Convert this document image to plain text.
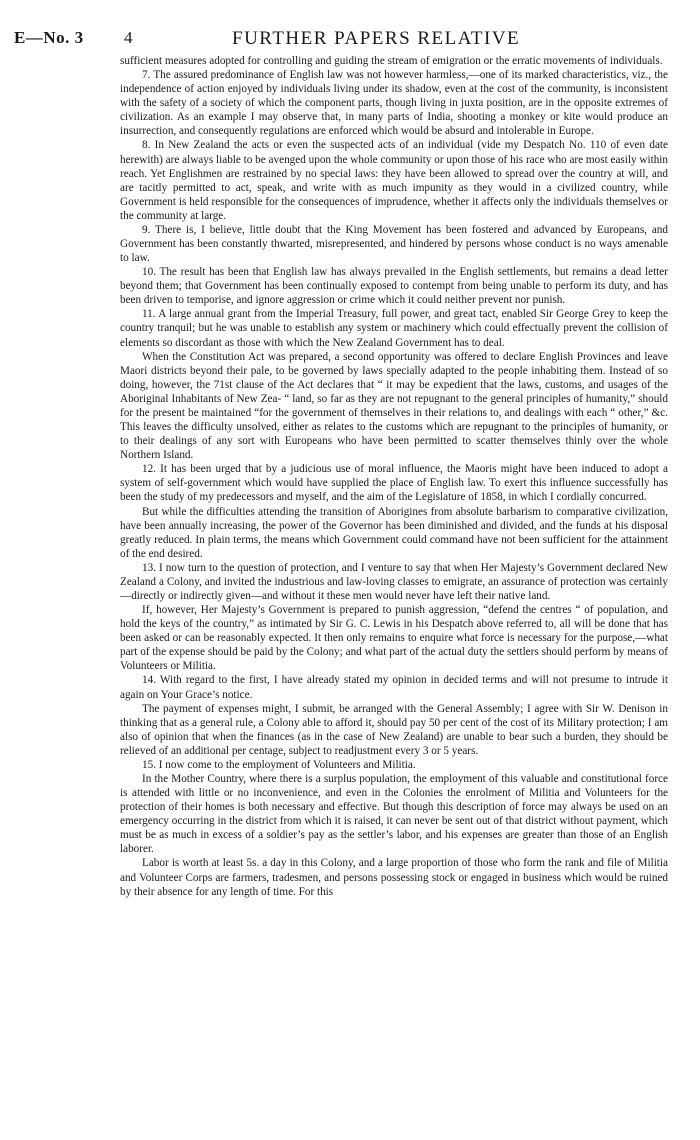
E—No. 3 4	FURTHER PAPERS RELATIVE

sufficient measures adopted for controlling and guiding the stream of emigration or the erratic movements of individuals.

7. The assured predominance of English law was not however harmless,—one of its marked characteristics, viz., the independence of action enjoyed by individuals living under its shadow, even at the cost of the community, is inconsistent with the safety of a society of which the component parts, though living in juxta position, are in the opposite extremes of civilization. As an example I may observe that, in many parts of India, shooting a monkey or kite would produce an insurrection, and consequently regulations are enforced which would be absurd and intolerable in Europe.

8. In New Zealand the acts or even the suspected acts of an individual (vide my Despatch No. 110 of even date herewith) are always liable to be avenged upon the whole community or upon those of his race who are most easily within reach. Yet Englishmen are restrained by no special laws: they have been allowed to spread over the country at will, and are tacitly permitted to act, speak, and write with as much impunity as they would in a civilized country, while Government is held responsible for the consequences of imprudence, whether it affects only the individuals themselves or the community at large.

9. There is, I believe, little doubt that the King Movement has been fostered and advanced by Europeans, and Government has been constantly thwarted, misrepresented, and hindered by persons whose conduct is no ways amenable to law.

10. The result has been that English law has always prevailed in the English settlements, but remains a dead letter beyond them; that Government has been continually exposed to contempt from being unable to perform its duty, and has been driven to temporise, and ignore aggression or crime which it could neither prevent nor punish.

11. A large annual grant from the Imperial Treasury, full power, and great tact, enabled Sir George Grey to keep the country tranquil; but he was unable to establish any system or machinery which could effectually prevent the collision of elements so discordant as those with which the New Zealand Government has to deal.

When the Constitution Act was prepared, a second opportunity was offered to declare English Provinces and leave Maori districts beyond their pale, to be governed by laws specially adapted to the people inhabiting them. Instead of so doing, however, the 71st clause of the Act declares that “ it may be expedient that the laws, customs, and usages of the Aboriginal Inhabitants of New Zea- “ land, so far as they are not repugnant to the general principles of humanity,” should for the present be maintained “for the government of themselves in their relations to, and dealings with each “ other,” &c. This leaves the difficulty unsolved, either as relates to the customs which are repugnant to the principles of humanity, or to their dealings of any sort with Europeans who have been permitted to scatter themselves thinly over the whole Northern Island.

12. It has been urged that by a judicious use of moral influence, the Maoris might have been induced to adopt a system of self-government which would have supplied the place of English law. To exert this influence successfully has been the study of my predecessors and myself, and the aim of the Legislature of 1858, in which I cordially concurred.

But while the difficulties attending the transition of Aborigines from absolute barbarism to comparative civilization, have been annually increasing, the power of the Governor has been diminished and divided, and the funds at his disposal greatly reduced. In plain terms, the means which Government could command have not been sufficient for the attainment of the end desired.

13. I now turn to the question of protection, and I venture to say that when Her Majesty’s Government declared New Zealand a Colony, and invited the industrious and law-loving classes to emigrate, an assurance of protection was certainly—directly or indirectly given—and without it these men would never have left their native land.

If, however, Her Majesty’s Government is prepared to punish aggression, “defend the centres “ of population, and hold the keys of the country,” as intimated by Sir G. C. Lewis in his Despatch above referred to, all will be done that has been asked or can be reasonably expected. It then only remains to enquire what force is necessary for the purpose,—what part of the expense should be paid by the Colony; and what part of the actual duty the settlers should perform by means of Volunteers or Militia.

14. With regard to the first, I have already stated my opinion in decided terms and will not presume to intrude it again on Your Grace’s notice.

The payment of expenses might, I submit, be arranged with the General Assembly; I agree with Sir W. Denison in thinking that as a general rule, a Colony able to afford it, should pay 50 per cent of the cost of its Military protection; I am also of opinion that when the finances (as in the case of New Zealand) are unable to bear such a burden, they should be relieved of an additional per centage, subject to readjustment every 3 or 5 years.

15. I now come to the employment of Volunteers and Militia.

In the Mother Country, where there is a surplus population, the employment of this valuable and constitutional force is attended with little or no inconvenience, and even in the Colonies the enrolment of Militia and Volunteers for the protection of their homes is both necessary and effective. But though this description of force may always be used on an emergency occurring in the district from which it is raised, it can never be sent out of that district without payment, which must be as much in excess of a soldier’s pay as the settler’s labor, and his expenses are greater than those of an English laborer.

Labor is worth at least 5s. a day in this Colony, and a large proportion of those who form the rank and file of Militia and Volunteer Corps are farmers, tradesmen, and persons possessing stock or engaged in business which would be ruined by their absence for any length of time. For this
